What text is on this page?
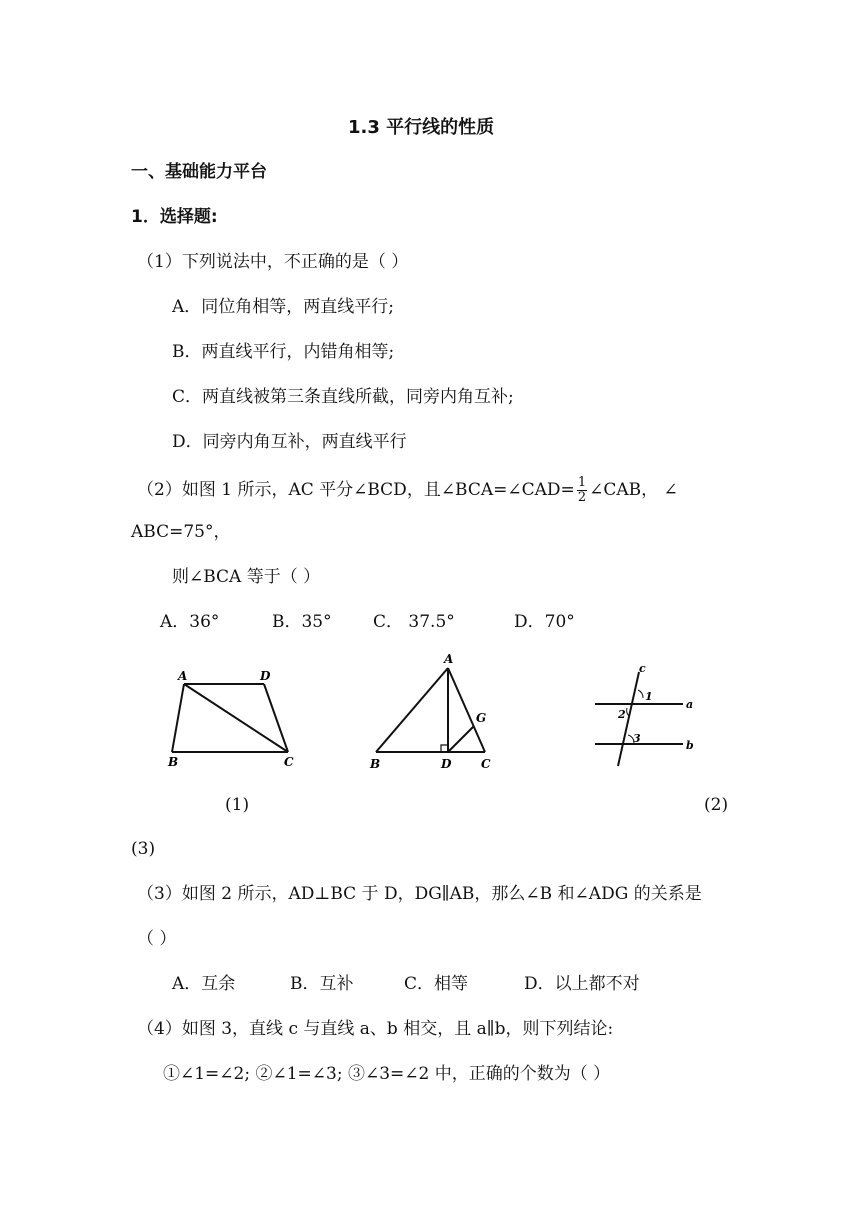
1.3 平行线的性质
一、基础能力平台
1．选择题:
（1）下列说法中，不正确的是（ ）
A．同位角相等，两直线平行;
B．两直线平行，内错角相等;
C．两直线被第三条直线所截，同旁内角互补;
D．同旁内角互补，两直线平行
（2）如图 1 所示，AC 平分∠BCD，且∠BCA=∠CAD= $\frac{1}{2}$ ∠CAB， ∠
ABC=75°，
则∠BCA 等于（ ）
A．36°	B．35° C． 37.5°	D．70°
A	D
B	C
A
G
B	D C
c
1
a
2
3
b
(1)	(2)
(3)
（3）如图 2 所示，AD⊥BC 于 D，DG∥AB，那么∠B 和∠ADG 的关系是
（ ）
A．互余	B．互补	C．相等	D．以上都不对
（4）如图 3，直线 c 与直线 a、b 相交，且 a∥b，则下列结论:
①∠1=∠2; ②∠1=∠3; ③∠3=∠2 中，正确的个数为（ ）
